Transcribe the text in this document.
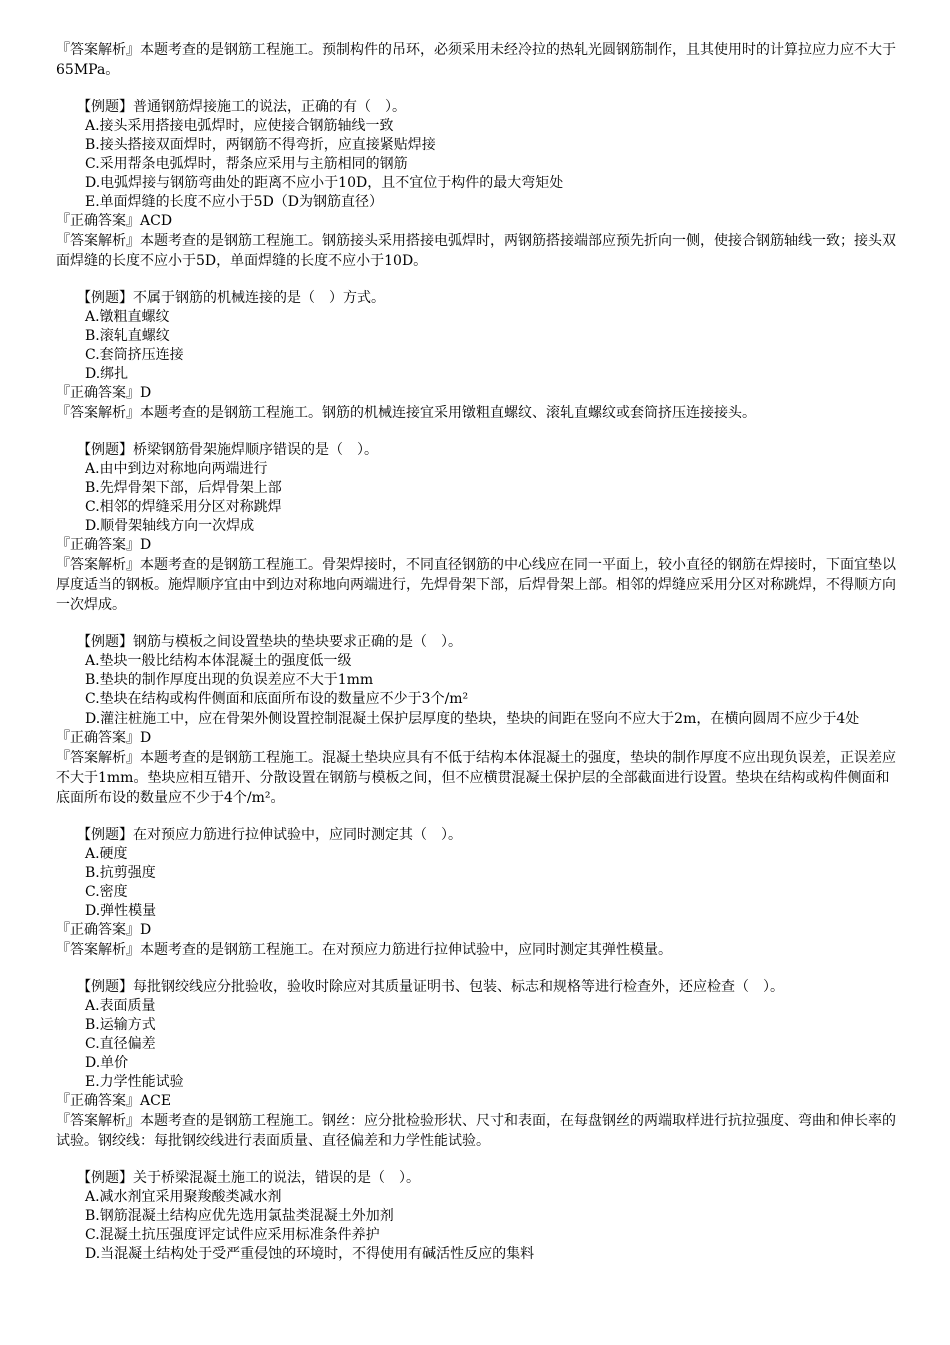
『答案解析』本题考查的是钢筋工程施工。预制构件的吊环，必须采用未经冷拉的热轧光圆钢筋制作，且其使用时的计算拉应力应不大于65MPa。
【例题】普通钢筋焊接施工的说法，正确的有（　）。
A.接头采用搭接电弧焊时，应使接合钢筋轴线一致
B.接头搭接双面焊时，两钢筋不得弯折，应直接紧贴焊接
C.采用帮条电弧焊时，帮条应采用与主筋相同的钢筋
D.电弧焊接与钢筋弯曲处的距离不应小于10D，且不宜位于构件的最大弯矩处
E.单面焊缝的长度不应小于5D（D为钢筋直径）
『正确答案』ACD
『答案解析』本题考查的是钢筋工程施工。钢筋接头采用搭接电弧焊时，两钢筋搭接端部应预先折向一侧，使接合钢筋轴线一致；接头双面焊缝的长度不应小于5D，单面焊缝的长度不应小于10D。
【例题】不属于钢筋的机械连接的是（　）方式。
A.镦粗直螺纹
B.滚轧直螺纹
C.套筒挤压连接
D.绑扎
『正确答案』D
『答案解析』本题考查的是钢筋工程施工。钢筋的机械连接宜采用镦粗直螺纹、滚轧直螺纹或套筒挤压连接接头。
【例题】桥梁钢筋骨架施焊顺序错误的是（　）。
A.由中到边对称地向两端进行
B.先焊骨架下部，后焊骨架上部
C.相邻的焊缝采用分区对称跳焊
D.顺骨架轴线方向一次焊成
『正确答案』D
『答案解析』本题考查的是钢筋工程施工。骨架焊接时，不同直径钢筋的中心线应在同一平面上，较小直径的钢筋在焊接时，下面宜垫以厚度适当的钢板。施焊顺序宜由中到边对称地向两端进行，先焊骨架下部，后焊骨架上部。相邻的焊缝应采用分区对称跳焊，不得顺方向一次焊成。
【例题】钢筋与模板之间设置垫块的垫块要求正确的是（　）。
A.垫块一般比结构本体混凝土的强度低一级
B.垫块的制作厚度出现的负误差应不大于1mm
C.垫块在结构或构件侧面和底面所布设的数量应不少于3个/m²
D.灌注桩施工中，应在骨架外侧设置控制混凝土保护层厚度的垫块，垫块的间距在竖向不应大于2m，在横向圆周不应少于4处
『正确答案』D
『答案解析』本题考查的是钢筋工程施工。混凝土垫块应具有不低于结构本体混凝土的强度，垫块的制作厚度不应出现负误差，正误差应不大于1mm。垫块应相互错开、分散设置在钢筋与模板之间，但不应横贯混凝土保护层的全部截面进行设置。垫块在结构或构件侧面和底面所布设的数量应不少于4个/m²。
【例题】在对预应力筋进行拉伸试验中，应同时测定其（　）。
A.硬度
B.抗剪强度
C.密度
D.弹性模量
『正确答案』D
『答案解析』本题考查的是钢筋工程施工。在对预应力筋进行拉伸试验中，应同时测定其弹性模量。
【例题】每批钢绞线应分批验收，验收时除应对其质量证明书、包装、标志和规格等进行检查外，还应检查（　）。
A.表面质量
B.运输方式
C.直径偏差
D.单价
E.力学性能试验
『正确答案』ACE
『答案解析』本题考查的是钢筋工程施工。钢丝：应分批检验形状、尺寸和表面，在每盘钢丝的两端取样进行抗拉强度、弯曲和伸长率的试验。钢绞线：每批钢绞线进行表面质量、直径偏差和力学性能试验。
【例题】关于桥梁混凝土施工的说法，错误的是（　）。
A.减水剂宜采用聚羧酸类减水剂
B.钢筋混凝土结构应优先选用氯盐类混凝土外加剂
C.混凝土抗压强度评定试件应采用标准条件养护
D.当混凝土结构处于受严重侵蚀的环境时，不得使用有碱活性反应的集料
